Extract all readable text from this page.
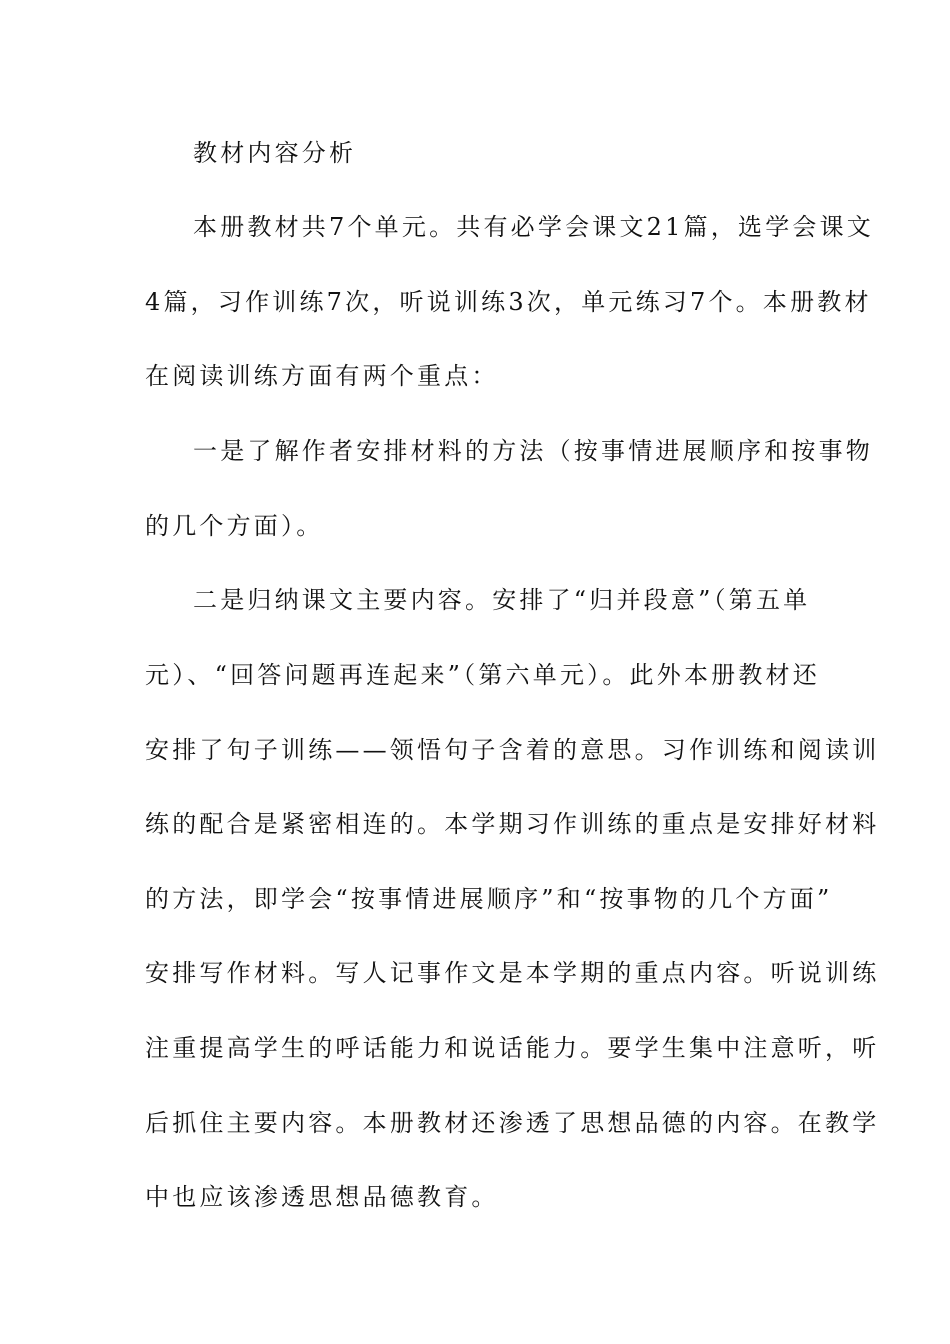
教材内容分析
本册教材共7个单元。共有必学会课文21篇，选学会课文
4篇，习作训练7次，听说训练3次，单元练习7个。本册教材
在阅读训练方面有两个重点：
一是了解作者安排材料的方法（按事情进展顺序和按事物
的几个方面）。
二是归纳课文主要内容。安排了“归并段意”（第五单
元）、“回答问题再连起来”（第六单元）。此外本册教材还
安排了句子训练——领悟句子含着的意思。习作训练和阅读训
练的配合是紧密相连的。本学期习作训练的重点是安排好材料
的方法，即学会“按事情进展顺序”和“按事物的几个方面”
安排写作材料。写人记事作文是本学期的重点内容。听说训练
注重提高学生的呼话能力和说话能力。要学生集中注意听，听
后抓住主要内容。本册教材还渗透了思想品德的内容。在教学
中也应该渗透思想品德教育。
